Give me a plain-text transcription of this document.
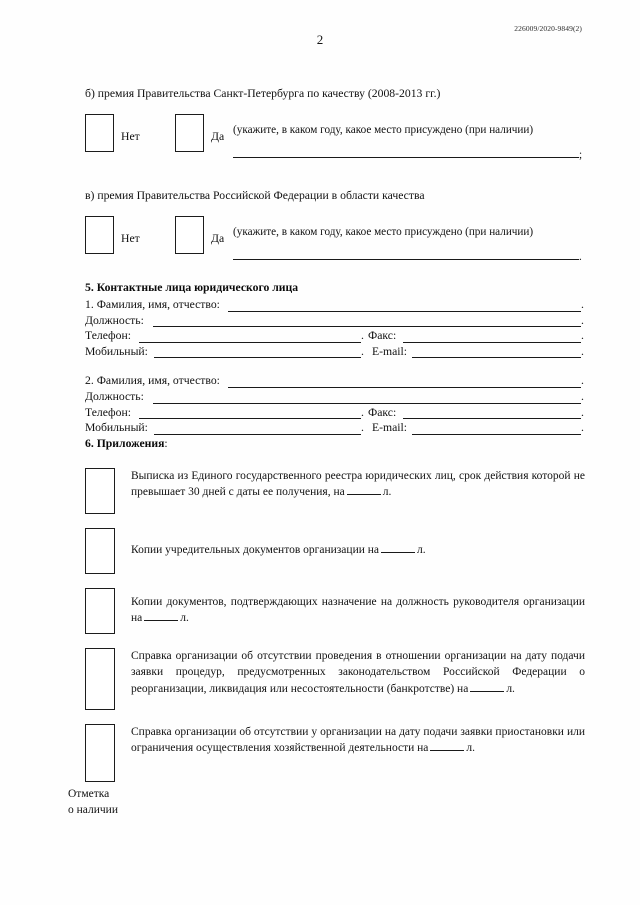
226009/2020-9849(2)
2
б) премия Правительства Санкт-Петербурга по качеству (2008-2013 гг.)
Нет	Да (укажите, в каком году, какое место присуждено (при наличии)
;
в) премия Правительства Российской Федерации в области качества
Нет	Да (укажите, в каком году, какое место присуждено (при наличии)
.
5. Контактные лица юридического лица
1. Фамилия, имя, отчество:	.
Должность:	.
Телефон:	. Факс:	.
Мобильный:	. E-mail:	.
2. Фамилия, имя, отчество:	.
Должность:	.
Телефон:	. Факс:	.
Мобильный:	. E-mail:	.
6. Приложения:
Выписка из Единого государственного реестра юридических лиц, срок действия которой не превышает 30 дней с даты ее получения, на	л.
Копии учредительных документов организации на	л.
Копии документов, подтверждающих назначение на должность руководителя организации на	л.
Справка организации об отсутствии проведения в отношении организации на дату подачи заявки процедур, предусмотренных законодательством Российской Федерации о реорганизации, ликвидация или несостоятельности (банкротстве) на	л.
Справка организации об отсутствии у организации на дату подачи заявки приостановки или ограничения осуществления хозяйственной деятельности на	л.
Отметка
о наличии
